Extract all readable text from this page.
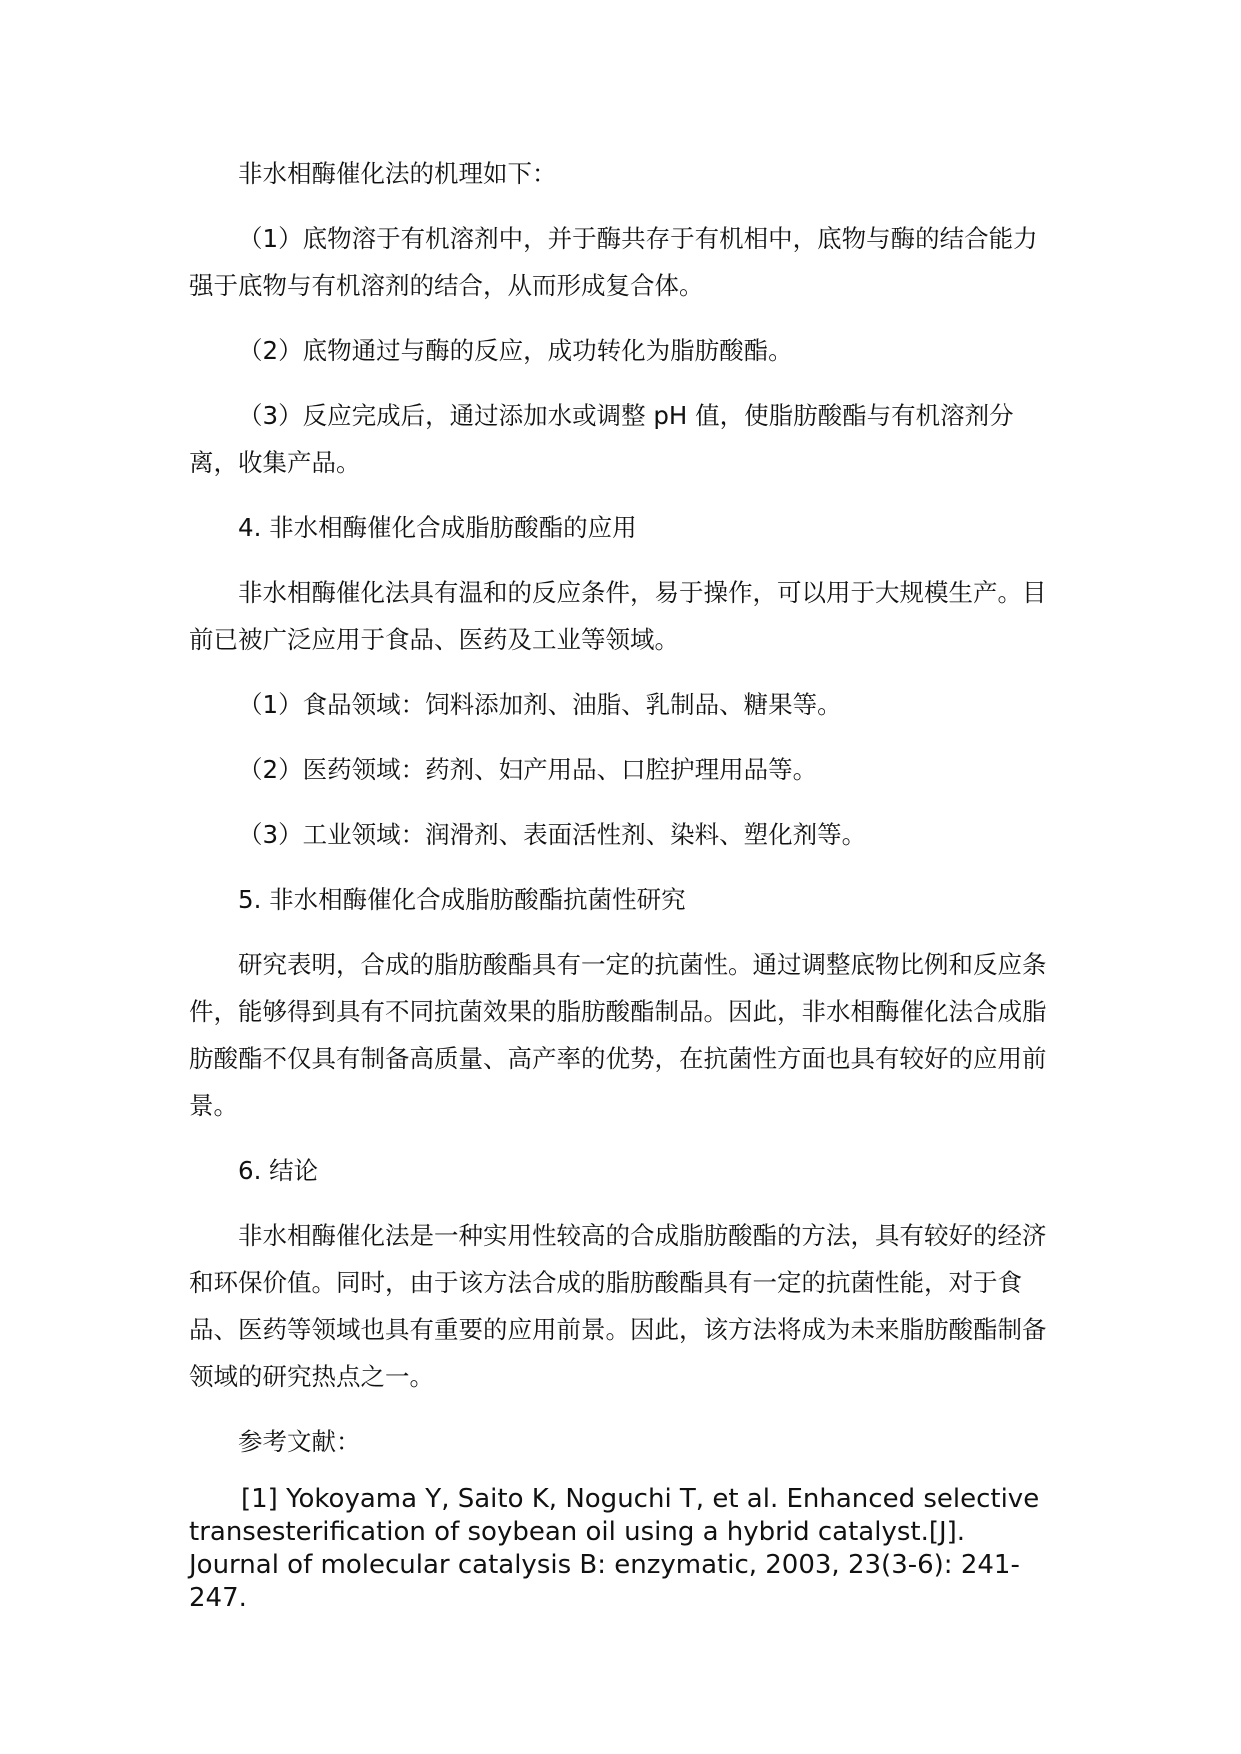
非水相酶催化法的机理如下：

（1）底物溶于有机溶剂中，并于酶共存于有机相中，底物与酶的结合能力强于底物与有机溶剂的结合，从而形成复合体。

（2）底物通过与酶的反应，成功转化为脂肪酸酯。

（3）反应完成后，通过添加水或调整 pH 值，使脂肪酸酯与有机溶剂分离，收集产品。

4. 非水相酶催化合成脂肪酸酯的应用

非水相酶催化法具有温和的反应条件，易于操作，可以用于大规模生产。目前已被广泛应用于食品、医药及工业等领域。

（1）食品领域：饲料添加剂、油脂、乳制品、糖果等。

（2）医药领域：药剂、妇产用品、口腔护理用品等。

（3）工业领域：润滑剂、表面活性剂、染料、塑化剂等。

5. 非水相酶催化合成脂肪酸酯抗菌性研究

研究表明，合成的脂肪酸酯具有一定的抗菌性。通过调整底物比例和反应条件，能够得到具有不同抗菌效果的脂肪酸酯制品。因此，非水相酶催化法合成脂肪酸酯不仅具有制备高质量、高产率的优势，在抗菌性方面也具有较好的应用前景。

6. 结论

非水相酶催化法是一种实用性较高的合成脂肪酸酯的方法，具有较好的经济和环保价值。同时，由于该方法合成的脂肪酸酯具有一定的抗菌性能，对于食品、医药等领域也具有重要的应用前景。因此，该方法将成为未来脂肪酸酯制备领域的研究热点之一。

参考文献：

[1] Yokoyama Y, Saito K, Noguchi T, et al. Enhanced selective transesterification of soybean oil using a hybrid catalyst.[J]. Journal of molecular catalysis B: enzymatic, 2003, 23(3-6): 241-247.
